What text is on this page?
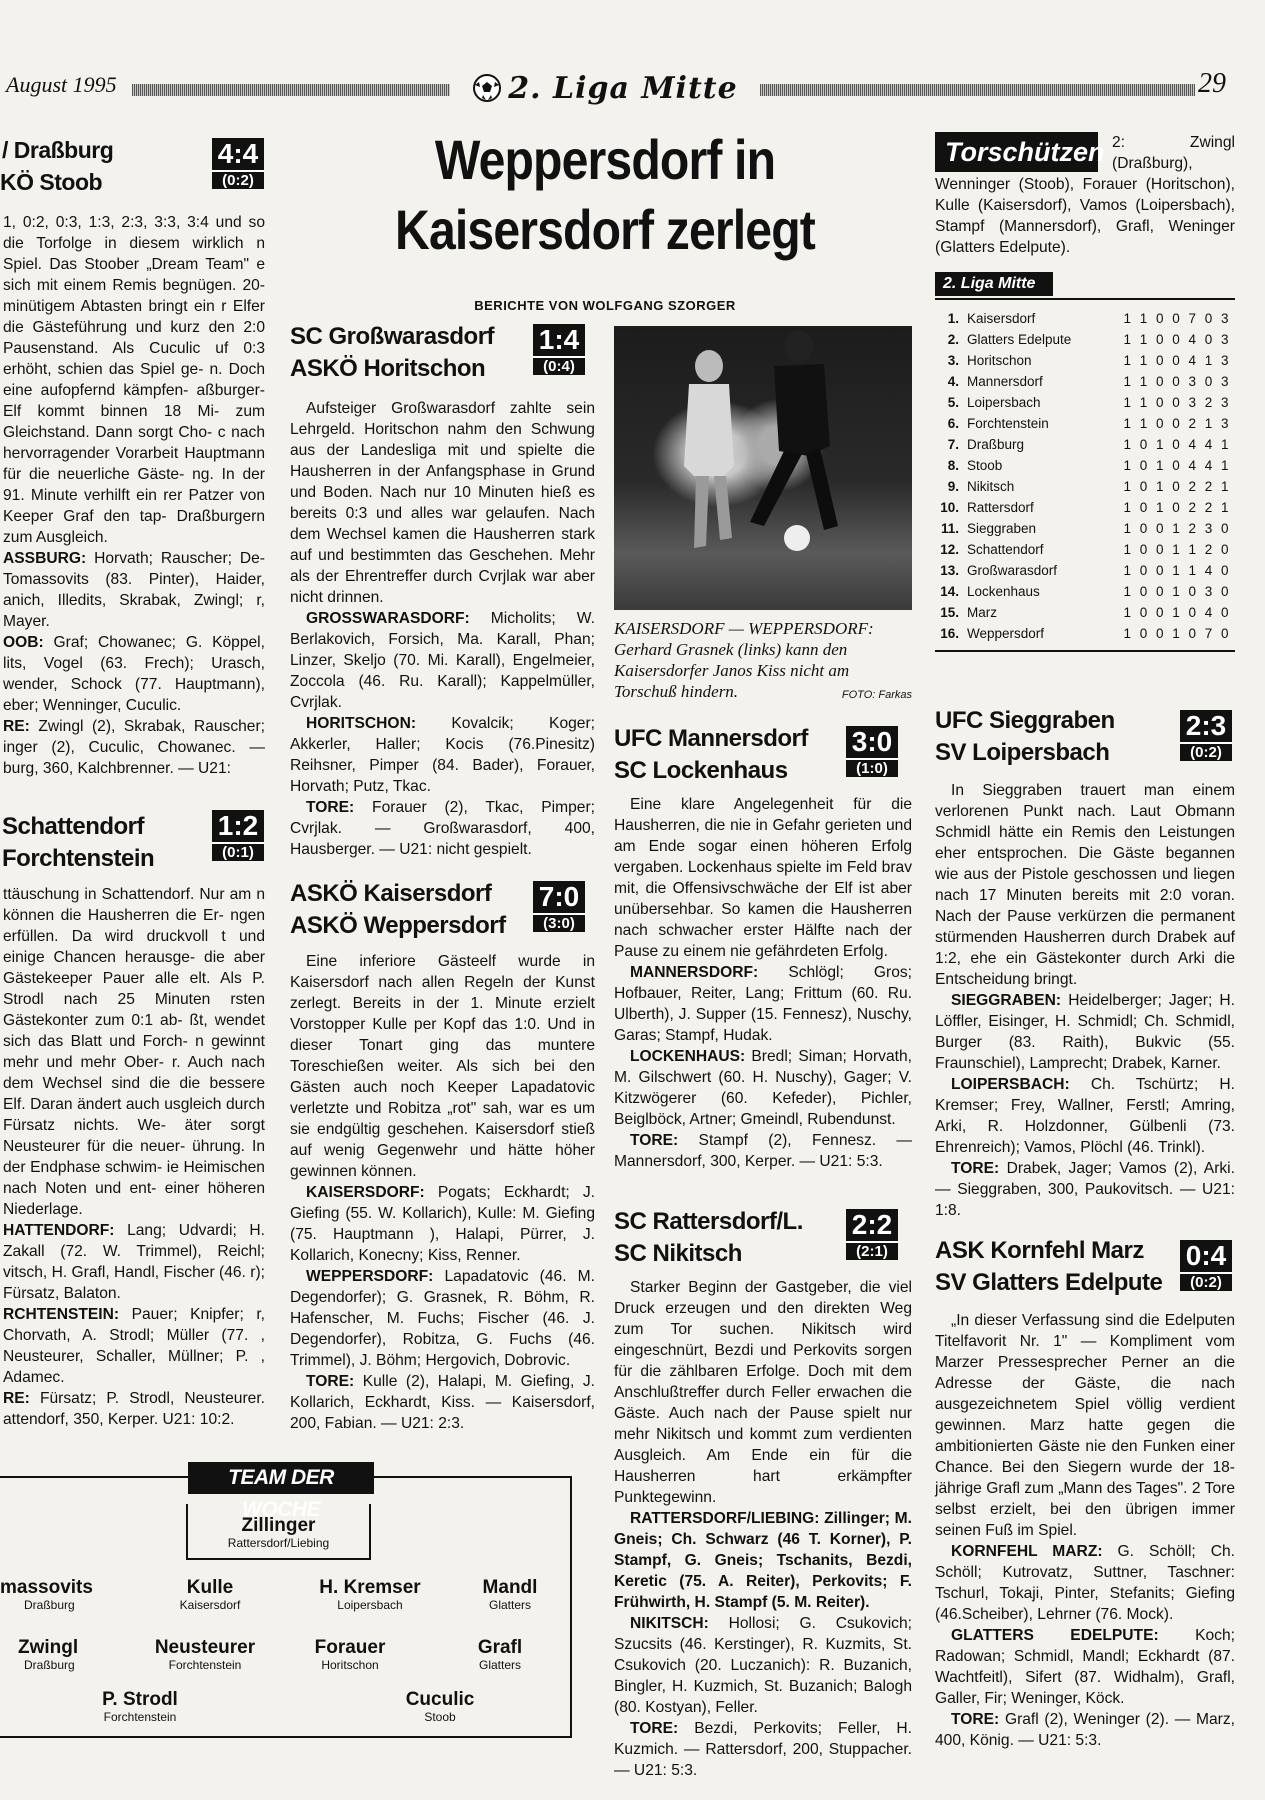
August 1995	2. Liga Mitte	29
/ Draßburg
KÖ Stoob
4:4
(0:2)
1, 0:2, 0:3, 1:3, 2:3, 3:3, 3:4 und so die Torfolge in diesem wirklich n Spiel. Das Stoober „Dream Team" e sich mit einem Remis begnügen. 20-minütigem Abtasten bringt ein r Elfer die Gästeführung und kurz den 2:0 Pausenstand. Als Cuculic uf 0:3 erhöht, schien das Spiel ge- n. Doch eine aufopfernd kämpfen- aßburger-Elf kommt binnen 18 Mi- zum Gleichstand. Dann sorgt Cho- c nach hervorragender Vorarbeit Hauptmann für die neuerliche Gäste- ng. In der 91. Minute verhilft ein rer Patzer von Keeper Graf den tap- Draßburgern zum Ausgleich.
ASSBURG: Horvath; Rauscher; De- Tomassovits (83. Pinter), Haider, anich, Illedits, Skrabak, Zwingl; r, Mayer.
OOB: Graf; Chowanec; G. Köppel, lits, Vogel (63. Frech); Urasch, wender, Schock (77. Hauptmann), eber; Wenninger, Cuculic.
RE: Zwingl (2), Skrabak, Rauscher; inger (2), Cuculic, Chowanec. — burg, 360, Kalchbrenner. — U21:
Schattendorf
Forchtenstein
1:2
(0:1)
ttäuschung in Schattendorf. Nur am n können die Hausherren die Er- ngen erfüllen. Da wird druckvoll t und einige Chancen herausge- die aber Gästekeeper Pauer alle elt. Als P. Strodl nach 25 Minuten rsten Gästekonter zum 0:1 ab- ßt, wendet sich das Blatt und Forch- n gewinnt mehr und mehr Ober- r. Auch nach dem Wechsel sind die die bessere Elf. Daran ändert auch usgleich durch Fürsatz nichts. We- äter sorgt Neusteurer für die neuer- ührung. In der Endphase schwim- ie Heimischen nach Noten und ent- einer höheren Niederlage.
HATTENDORF: Lang; Udvardi; H. Zakall (72. W. Trimmel), Reichl; vitsch, H. Grafl, Handl, Fischer (46. r); Fürsatz, Balaton.
RCHTENSTEIN: Pauer; Knipfer; r, Chorvath, A. Strodl; Müller (77. , Neusteurer, Schaller, Müllner; P. , Adamec.
RE: Fürsatz; P. Strodl, Neusteurer. attendorf, 350, Kerper. U21: 10:2.
Weppersdorf in
Kaisersdorf zerlegt
BERICHTE VON WOLFGANG SZORGER
SC Großwarasdorf
ASKÖ Horitschon
1:4
(0:4)
Aufsteiger Großwarasdorf zahlte sein Lehrgeld. Horitschon nahm den Schwung aus der Landesliga mit und spielte die Hausherren in der Anfangsphase in Grund und Boden. Nach nur 10 Minuten hieß es bereits 0:3 und alles war gelaufen. Nach dem Wechsel kamen die Hausherren stark auf und bestimmten das Geschehen. Mehr als der Ehrentreffer durch Cvrjlak war aber nicht drinnen.
GROSSWARASDORF: Micholits; W. Berlakovich, Forsich, Ma. Karall, Phan; Linzer, Skeljo (70. Mi. Karall), Engelmeier, Zoccola (46. Ru. Karall); Kappelmüller, Cvrjlak.
HORITSCHON: Kovalcik; Koger; Akkerler, Haller; Kocis (76.Pinesitz) Reihsner, Pimper (84. Bader), Forauer, Horvath; Putz, Tkac.
TORE: Forauer (2), Tkac, Pimper; Cvrjlak. — Großwarasdorf, 400, Hausberger. — U21: nicht gespielt.
ASKÖ Kaisersdorf
ASKÖ Weppersdorf
7:0
(3:0)
Eine inferiore Gästeelf wurde in Kaisersdorf nach allen Regeln der Kunst zerlegt. Bereits in der 1. Minute erzielt Vorstopper Kulle per Kopf das 1:0. Und in dieser Tonart ging das muntere Toreschießen weiter. Als sich bei den Gästen auch noch Keeper Lapadatovic verletzte und Robitza „rot" sah, war es um sie endgültig geschehen. Kaisersdorf stieß auf wenig Gegenwehr und hätte höher gewinnen können.
KAISERSDORF: Pogats; Eckhardt; J. Giefing (55. W. Kollarich), Kulle: M. Giefing (75. Hauptmann ), Halapi, Pürrer, J. Kollarich, Konecny; Kiss, Renner.
WEPPERSDORF: Lapadatovic (46. M. Degendorfer); G. Grasnek, R. Böhm, R. Hafenscher, M. Fuchs; Fischer (46. J. Degendorfer), Robitza, G. Fuchs (46. Trimmel), J. Böhm; Hergovich, Dobrovic.
TORE: Kulle (2), Halapi, M. Giefing, J. Kollarich, Eckhardt, Kiss. — Kaisersdorf, 200, Fabian. — U21: 2:3.
KAISERSDORF — WEPPERSDORF: Gerhard Grasnek (links) kann den Kaisersdorfer Janos Kiss nicht am Torschuß hindern.	FOTO: Farkas
UFC Mannersdorf
SC Lockenhaus
3:0
(1:0)
Eine klare Angelegenheit für die Hausherren, die nie in Gefahr gerieten und am Ende sogar einen höheren Erfolg vergaben. Lockenhaus spielte im Feld brav mit, die Offensivschwäche der Elf ist aber unübersehbar. So kamen die Hausherren nach schwacher erster Hälfte nach der Pause zu einem nie gefährdeten Erfolg.
MANNERSDORF: Schlögl; Gros; Hofbauer, Reiter, Lang; Frittum (60. Ru. Ulberth), J. Supper (15. Fennesz), Nuschy, Garas; Stampf, Hudak.
LOCKENHAUS: Bredl; Siman; Horvath, M. Gilschwert (60. H. Nuschy), Gager; V. Kitzwögerer (60. Kefeder), Pichler, Beiglböck, Artner; Gmeindl, Rubendunst.
TORE: Stampf (2), Fennesz. — Mannersdorf, 300, Kerper. — U21: 5:3.
SC Rattersdorf/L.
SC Nikitsch
2:2
(2:1)
Starker Beginn der Gastgeber, die viel Druck erzeugen und den direkten Weg zum Tor suchen. Nikitsch wird eingeschnürt, Bezdi und Perkovits sorgen für die zählbaren Erfolge. Doch mit dem Anschlußtreffer durch Feller erwachen die Gäste. Auch nach der Pause spielt nur mehr Nikitsch und kommt zum verdienten Ausgleich. Am Ende ein für die Hausherren hart erkämpfter Punktegewinn.
RATTERSDORF/LIEBING: Zillinger; M. Gneis; Ch. Schwarz (46 T. Korner), P. Stampf, G. Gneis; Tschanits, Bezdi, Keretic (75. A. Reiter), Perkovits; F. Frühwirth, H. Stampf (5. M. Reiter).
NIKITSCH: Hollosi; G. Csukovich; Szucsits (46. Kerstinger), R. Kuzmits, St. Csukovich (20. Luczanich): R. Buzanich, Bingler, H. Kuzmich, St. Buzanich; Balogh (80. Kostyan), Feller.
TORE: Bezdi, Perkovits; Feller, H. Kuzmich. — Rattersdorf, 200, Stuppacher. — U21: 5:3.
Torschützen 2: Zwingl (Draßburg), Wenninger (Stoob), Forauer (Horitschon), Kulle (Kaisersdorf), Vamos (Loipersbach), Stampf (Mannersdorf), Grafl, Weninger (Glatters Edelpute).
2. Liga Mitte
1. Kaisersdorf	1 1 0 0 7 0 3
2. Glatters Edelpute	1 1 0 0 4 0 3
3. Horitschon	1 1 0 0 4 1 3
4. Mannersdorf	1 1 0 0 3 0 3
5. Loipersbach	1 1 0 0 3 2 3
6. Forchtenstein	1 1 0 0 2 1 3
7. Draßburg	1 0 1 0 4 4 1
8. Stoob	1 0 1 0 4 4 1
9. Nikitsch	1 0 1 0 2 2 1
10. Rattersdorf	1 0 1 0 2 2 1
11. Sieggraben	1 0 0 1 2 3 0
12. Schattendorf	1 0 0 1 1 2 0
13. Großwarasdorf	1 0 0 1 1 4 0
14. Lockenhaus	1 0 0 1 0 3 0
15. Marz	1 0 0 1 0 4 0
16. Weppersdorf	1 0 0 1 0 7 0
UFC Sieggraben
SV Loipersbach
2:3
(0:2)
In Sieggraben trauert man einem verlorenen Punkt nach. Laut Obmann Schmidl hätte ein Remis den Leistungen eher entsprochen. Die Gäste begannen wie aus der Pistole geschossen und liegen nach 17 Minuten bereits mit 2:0 voran. Nach der Pause verkürzen die permanent stürmenden Hausherren durch Drabek auf 1:2, ehe ein Gästekonter durch Arki die Entscheidung bringt.
SIEGGRABEN: Heidelberger; Jager; H. Löffler, Eisinger, H. Schmidl; Ch. Schmidl, Burger (83. Raith), Bukvic (55. Fraunschiel), Lamprecht; Drabek, Karner.
LOIPERSBACH: Ch. Tschürtz; H. Kremser; Frey, Wallner, Ferstl; Amring, Arki, R. Holzdonner, Gülbenli (73. Ehrenreich); Vamos, Plöchl (46. Trinkl).
TORE: Drabek, Jager; Vamos (2), Arki. — Sieggraben, 300, Paukovitsch. — U21: 1:8.
ASK Kornfehl Marz
SV Glatters Edelpute
0:4
(0:2)
„In dieser Verfassung sind die Edelputen Titelfavorit Nr. 1" — Kompliment vom Marzer Pressesprecher Perner an die Adresse der Gäste, die nach ausgezeichnetem Spiel völlig verdient gewinnen. Marz hatte gegen die ambitionierten Gäste nie den Funken einer Chance. Bei den Siegern wurde der 18-jährige Grafl zum „Mann des Tages". 2 Tore selbst erzielt, bei den übrigen immer seinen Fuß im Spiel.
KORNFEHL MARZ: G. Schöll; Ch. Schöll; Kutrovatz, Suttner, Taschner: Tschurl, Tokaji, Pinter, Stefanits; Giefing (46.Scheiber), Lehrner (76. Mock).
GLATTERS EDELPUTE: Koch; Radowan; Schmidl, Mandl; Eckhardt (87. Wachtfeitl), Sifert (87. Widhalm), Grafl, Galler, Fir; Weninger, Köck.
TORE: Grafl (2), Weninger (2). — Marz, 400, König. — U21: 5:3.
TEAM DER WOCHE
Zillinger
Rattersdorf/Liebing
massovits
Draßburg
Kulle
Kaisersdorf
H. Kremser
Loipersbach
Mandl
Glatters
Zwingl
Draßburg
Neusteurer
Forchtenstein
Forauer
Horitschon
Grafl
Glatters
P. Strodl
Forchtenstein
Cuculic
Stoob
